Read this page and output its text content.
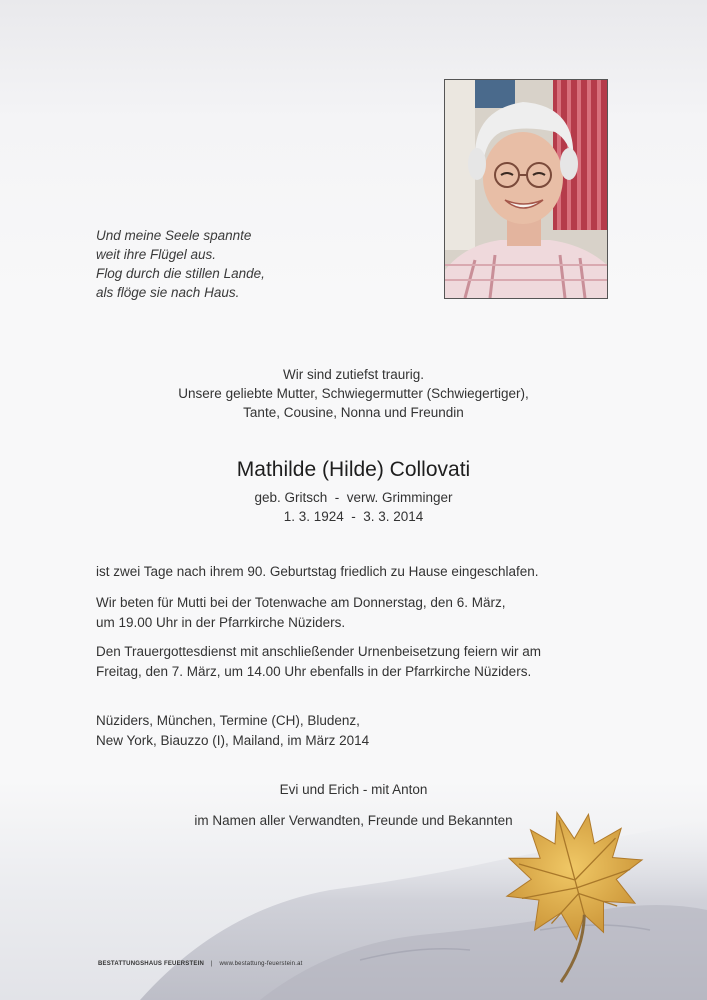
Und meine Seele spannte
weit ihre Flügel aus.
Flog durch die stillen Lande,
als flöge sie nach Haus.
Wir sind zutiefst traurig.
Unsere geliebte Mutter, Schwiegermutter (Schwiegertiger),
Tante, Cousine, Nonna und Freundin
Mathilde (Hilde) Collovati
geb. Gritsch  -  verw. Grimminger
1. 3. 1924  -  3. 3. 2014
ist zwei Tage nach ihrem 90. Geburtstag friedlich zu Hause eingeschlafen.
Wir beten für Mutti bei der Totenwache am Donnerstag, den 6. März,
um 19.00 Uhr in der Pfarrkirche Nüziders.
Den Trauergottesdienst mit anschließender Urnenbeisetzung feiern wir am
Freitag, den 7. März, um 14.00 Uhr ebenfalls in der Pfarrkirche Nüziders.
Nüziders, München, Termine (CH), Bludenz,
New York, Biauzzo (I), Mailand, im März 2014
Evi und Erich - mit Anton
im Namen aller Verwandten, Freunde und Bekannten
BESTATTUNGSHAUS FEUERSTEIN | www.bestattung-feuerstein.at
